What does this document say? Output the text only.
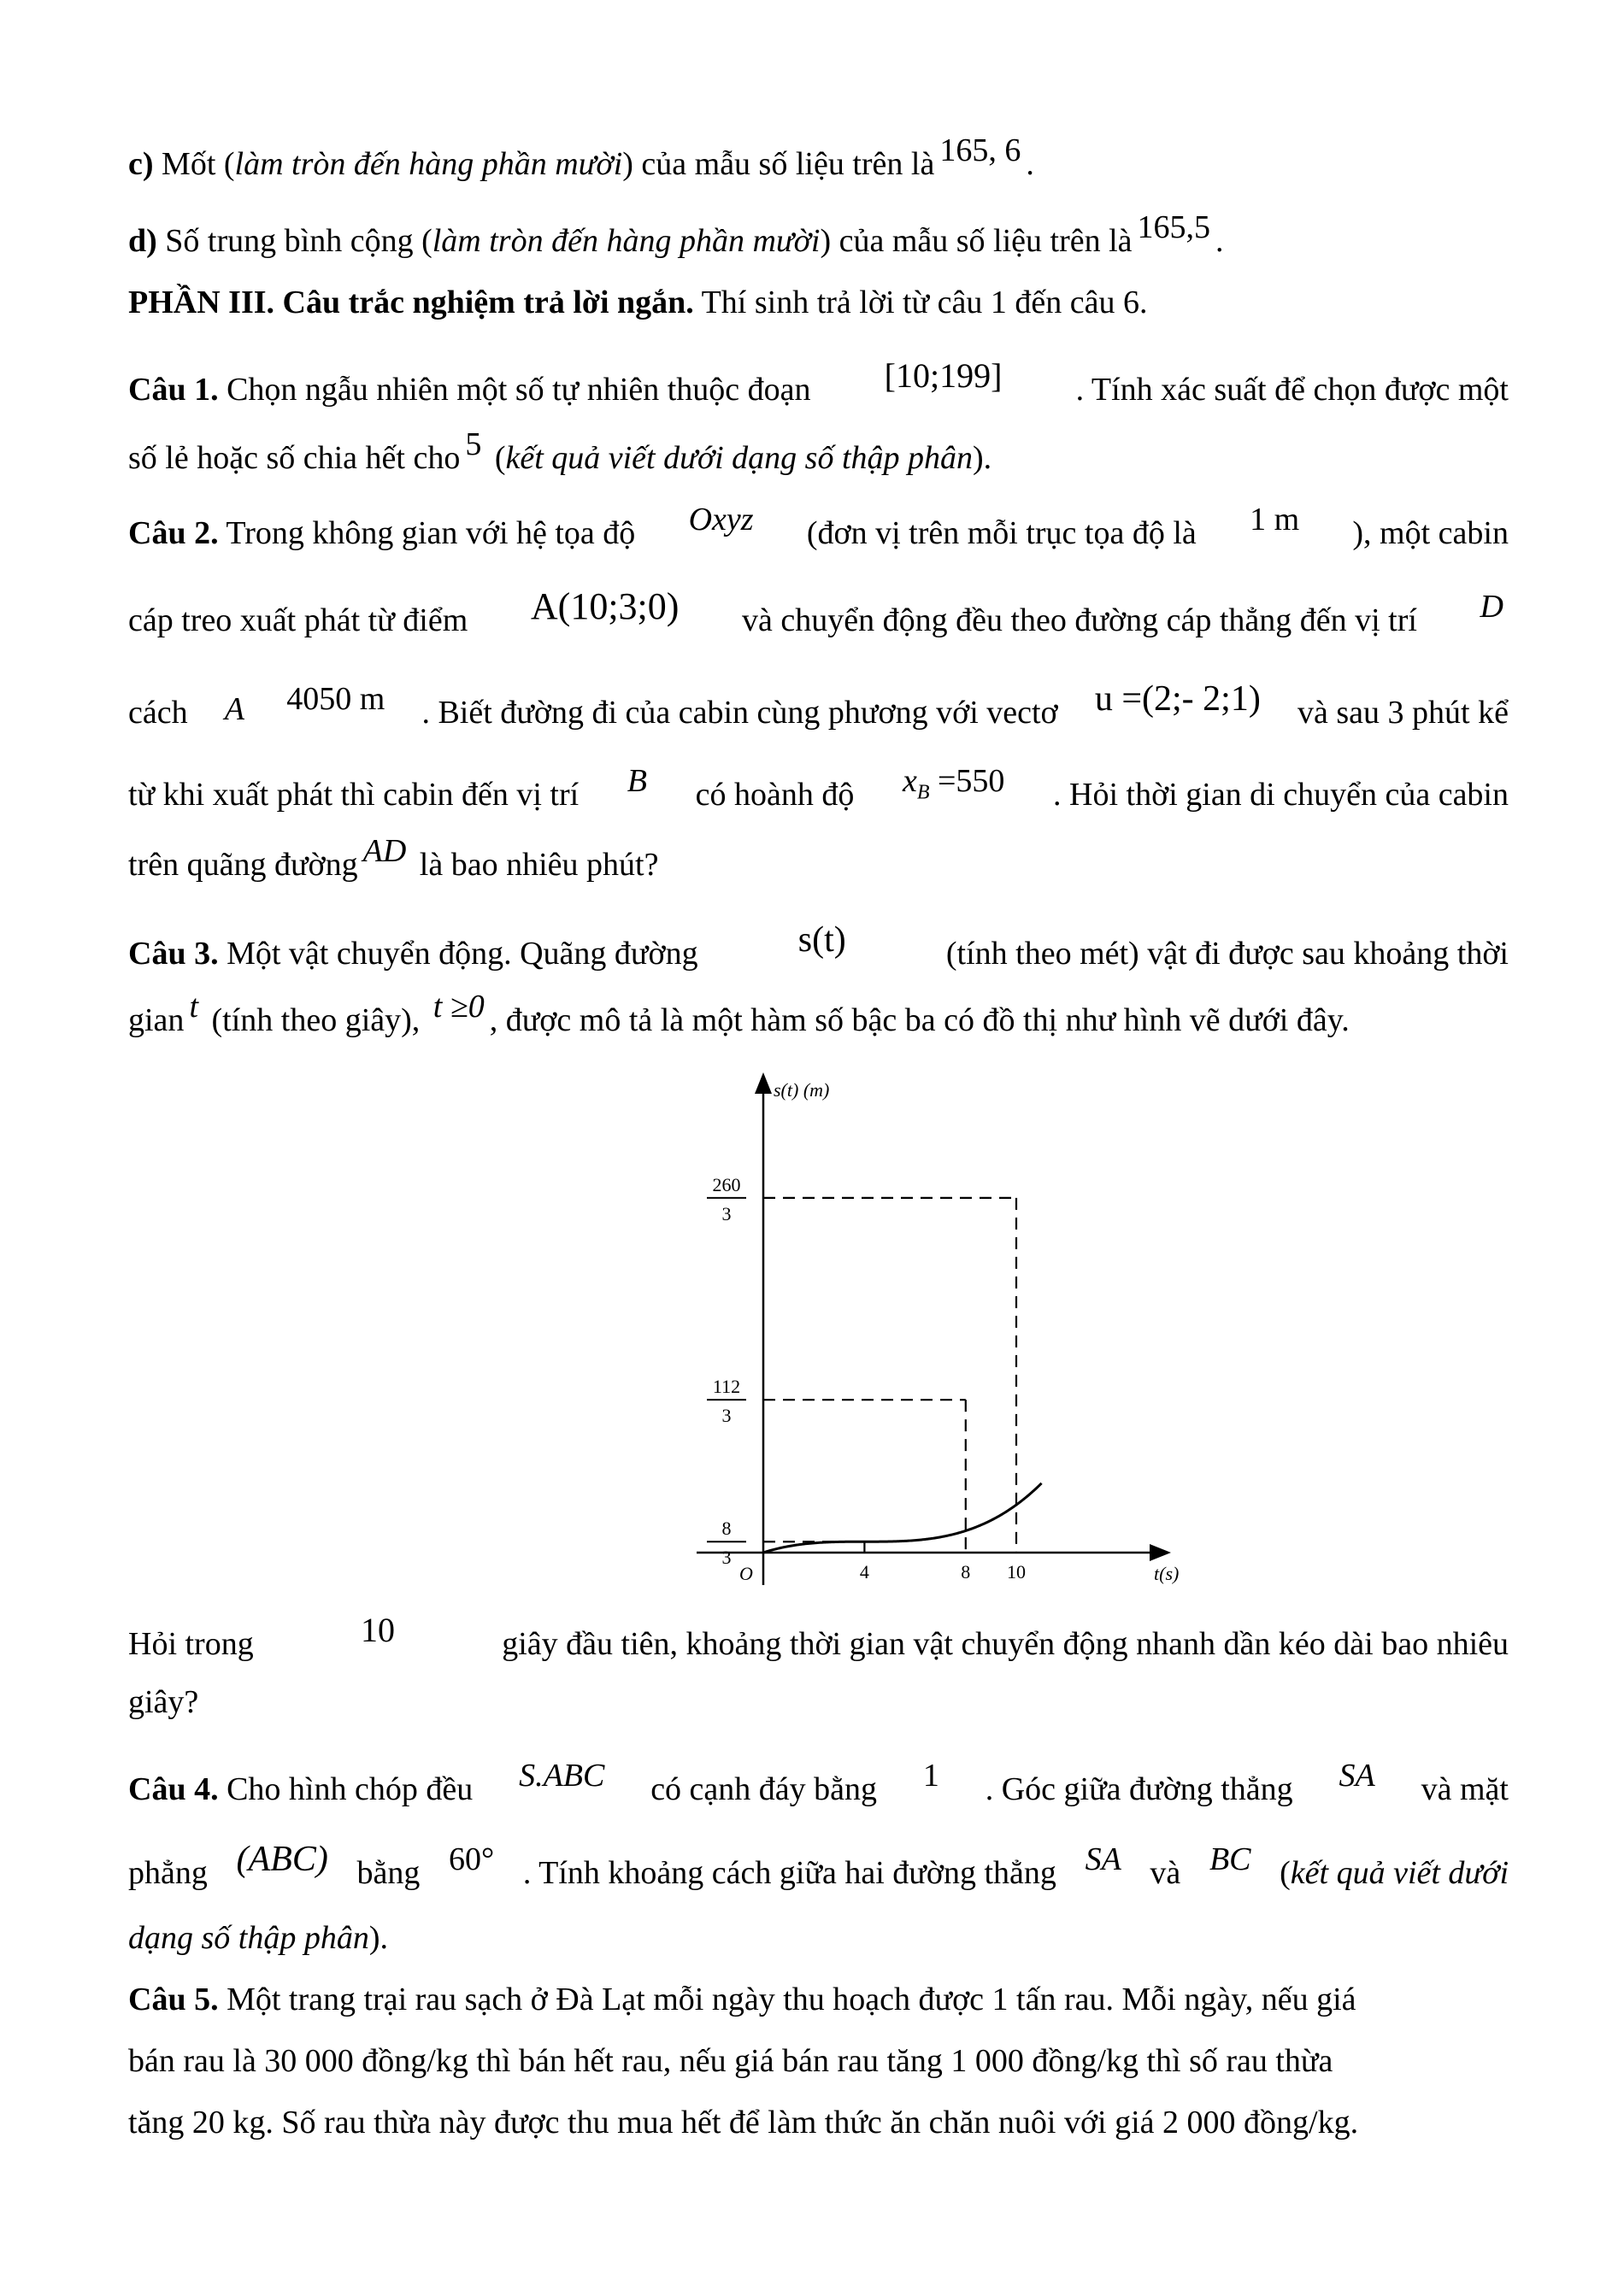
c) Mốt (làm tròn đến hàng phần mười) của mẫu số liệu trên là 165, 6 .
d) Số trung bình cộng (làm tròn đến hàng phần mười) của mẫu số liệu trên là 165,5 .
PHẦN III. Câu trắc nghiệm trả lời ngắn. Thí sinh trả lời từ câu 1 đến câu 6.
Câu 1. Chọn ngẫu nhiên một số tự nhiên thuộc đoạn [10;199] . Tính xác suất để chọn được một
số lẻ hoặc số chia hết cho 5 (kết quả viết dưới dạng số thập phân).
Câu 2. Trong không gian với hệ tọa độ Oxyz (đơn vị trên mỗi trục tọa độ là 1 m ), một cabin
cáp treo xuất phát từ điểm A(10;3;0) và chuyển động đều theo đường cáp thẳng đến vị trí D
cách A 4050 m . Biết đường đi của cabin cùng phương với vectơ u =(2;- 2;1) và sau 3 phút kể
từ khi xuất phát thì cabin đến vị trí B có hoành độ $x_B =550$ . Hỏi thời gian di chuyển của cabin
trên quãng đường AD là bao nhiêu phút?
Câu 3. Một vật chuyển động. Quãng đường	s(t)	(tính theo mét) vật đi được sau khoảng thời
gian t (tính theo giây), t ≥0 , được mô tả là một hàm số bậc ba có đồ thị như hình vẽ dưới đây.
s(t) (m)
t(s)
O	4	8 10
8
3
112
3
260
3
Hỏi trong	10	giây đầu tiên, khoảng thời gian vật chuyển động nhanh dần kéo dài bao nhiêu
giây?
Câu 4. Cho hình chóp đều S.ABC có cạnh đáy bằng 1 . Góc giữa đường thẳng SA và mặt
phẳng (ABC) bằng 60° . Tính khoảng cách giữa hai đường thẳng SA và BC (kết quả viết dưới
dạng số thập phân).
Câu 5. Một trang trại rau sạch ở Đà Lạt mỗi ngày thu hoạch được 1 tấn rau. Mỗi ngày, nếu giá
bán rau là 30 000 đồng/kg thì bán hết rau, nếu giá bán rau tăng 1 000 đồng/kg thì số rau thừa
tăng 20 kg. Số rau thừa này được thu mua hết để làm thức ăn chăn nuôi với giá 2 000 đồng/kg.
